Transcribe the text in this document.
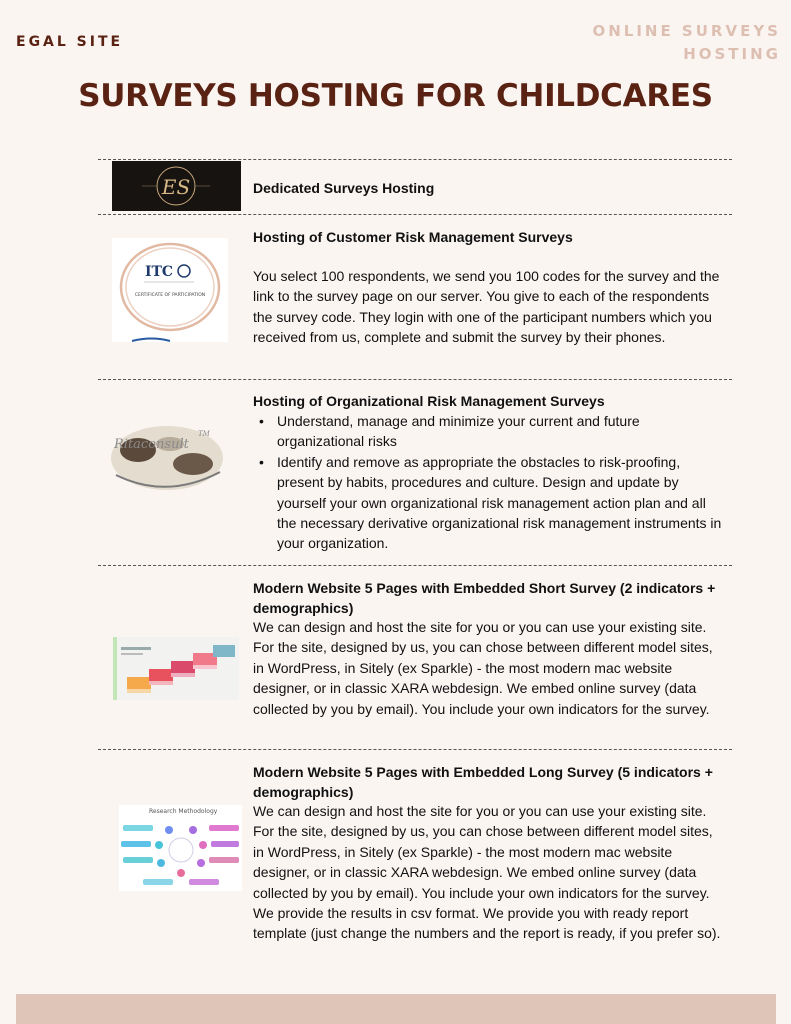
EGAL SITE
ONLINE SURVEYS
HOSTING
SURVEYS HOSTING FOR CHILDCARES
ES	Dedicated Surveys Hosting
ITC
CERTIFICATE OF PARTICIPATION
Hosting of Customer Risk Management Surveys
You select 100 respondents, we send you 100 codes for the survey and the link to the survey page on our server. You give to each of the respondents the survey code. They login with one of the participant numbers which you received from us, complete and submit the survey by their phones.
Ritaconsult
TM
Hosting of Organizational Risk Management Surveys
• Understand, manage and minimize your current and future organizational risks
• Identify and remove as appropriate the obstacles to risk-proofing, present by habits, procedures and culture. Design and update by yourself your own organizational risk management action plan and all the necessary derivative organizational risk management instruments in your organization.
Modern Website 5 Pages with Embedded Short Survey (2 indicators + demographics)
We can design and host the site for you or you can use your existing site. For the site, designed by us, you can chose between different model sites, in WordPress, in Sitely (ex Sparkle) - the most modern mac website designer, or in classic XARA webdesign. We embed online survey (data collected by you by email). You include your own indicators for the survey.
Research Methodology
Modern Website 5 Pages with Embedded Long Survey (5 indicators + demographics)
We can design and host the site for you or you can use your existing site. For the site, designed by us, you can chose between different model sites, in WordPress, in Sitely (ex Sparkle) - the most modern mac website designer, or in classic XARA webdesign. We embed online survey (data collected by you by email). You include your own indicators for the survey. We provide the results in csv format. We provide you with ready report template (just change the numbers and the report is ready, if you prefer so).
